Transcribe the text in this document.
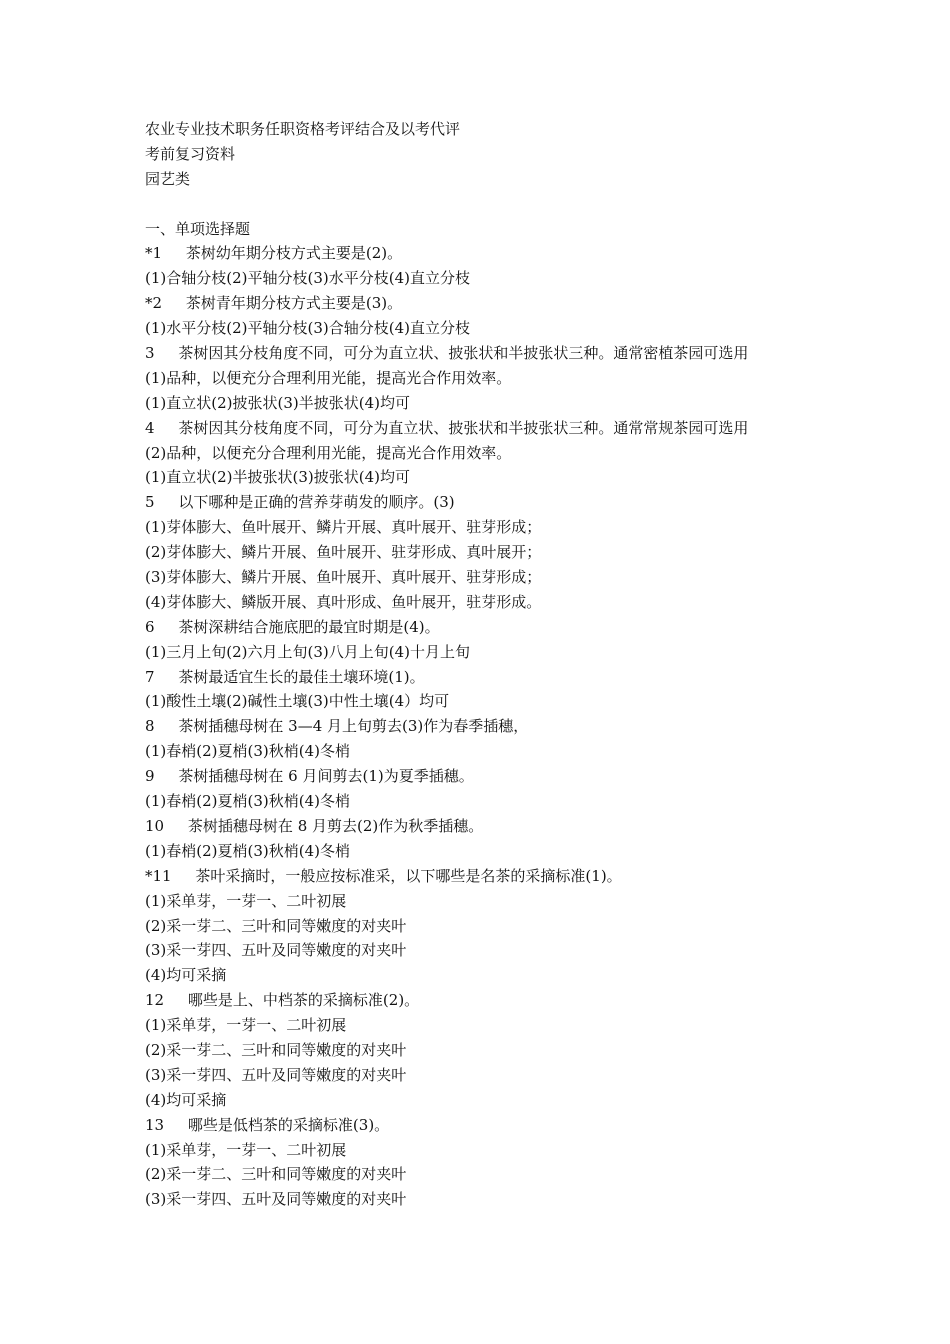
农业专业技术职务任职资格考评结合及以考代评
考前复习资料
园艺类
一、单项选择题
*1     茶树幼年期分枝方式主要是(2)。
(1)合轴分枝(2)平轴分枝(3)水平分枝(4)直立分枝
*2     茶树青年期分枝方式主要是(3)。
(1)水平分枝(2)平轴分枝(3)合轴分枝(4)直立分枝
3     茶树因其分枝角度不同，可分为直立状、披张状和半披张状三种。通常密植茶园可选用
(1)品种，以便充分合理利用光能，提高光合作用效率。
(1)直立状(2)披张状(3)半披张状(4)均可
4     茶树因其分枝角度不同，可分为直立状、披张状和半披张状三种。通常常规茶园可选用
(2)品种，以便充分合理利用光能，提高光合作用效率。
(1)直立状(2)半披张状(3)披张状(4)均可
5     以下哪种是正确的营养芽萌发的顺序。(3)
(1)芽体膨大、鱼叶展开、鳞片开展、真叶展开、驻芽形成；
(2)芽体膨大、鳞片开展、鱼叶展开、驻芽形成、真叶展开；
(3)芽体膨大、鳞片开展、鱼叶展开、真叶展开、驻芽形成；
(4)芽体膨大、鳞版开展、真叶形成、鱼叶展开，驻芽形成。
6     茶树深耕结合施底肥的最宜时期是(4)。
(1)三月上旬(2)六月上旬(3)八月上旬(4)十月上旬
7     茶树最适宜生长的最佳土壤环境(1)。
(1)酸性土壤(2)碱性土壤(3)中性土壤(4）均可
8     茶树插穗母树在 3—4 月上旬剪去(3)作为春季插穗，
(1)春梢(2)夏梢(3)秋梢(4)冬梢
9     茶树插穗母树在 6 月间剪去(1)为夏季插穗。
(1)春梢(2)夏梢(3)秋梢(4)冬梢
10     茶树插穗母树在 8 月剪去(2)作为秋季插穗。
(1)春梢(2)夏梢(3)秋梢(4)冬梢
*11     茶叶采摘时，一般应按标准采，以下哪些是名茶的采摘标准(1)。
(1)采单芽，一芽一、二叶初展
(2)采一芽二、三叶和同等嫩度的对夹叶
(3)采一芽四、五叶及同等嫩度的对夹叶
(4)均可采摘
12     哪些是上、中档茶的采摘标准(2)。
(1)采单芽，一芽一、二叶初展
(2)采一芽二、三叶和同等嫩度的对夹叶
(3)采一芽四、五叶及同等嫩度的对夹叶
(4)均可采摘
13     哪些是低档茶的采摘标准(3)。
(1)采单芽，一芽一、二叶初展
(2)采一芽二、三叶和同等嫩度的对夹叶
(3)采一芽四、五叶及同等嫩度的对夹叶
